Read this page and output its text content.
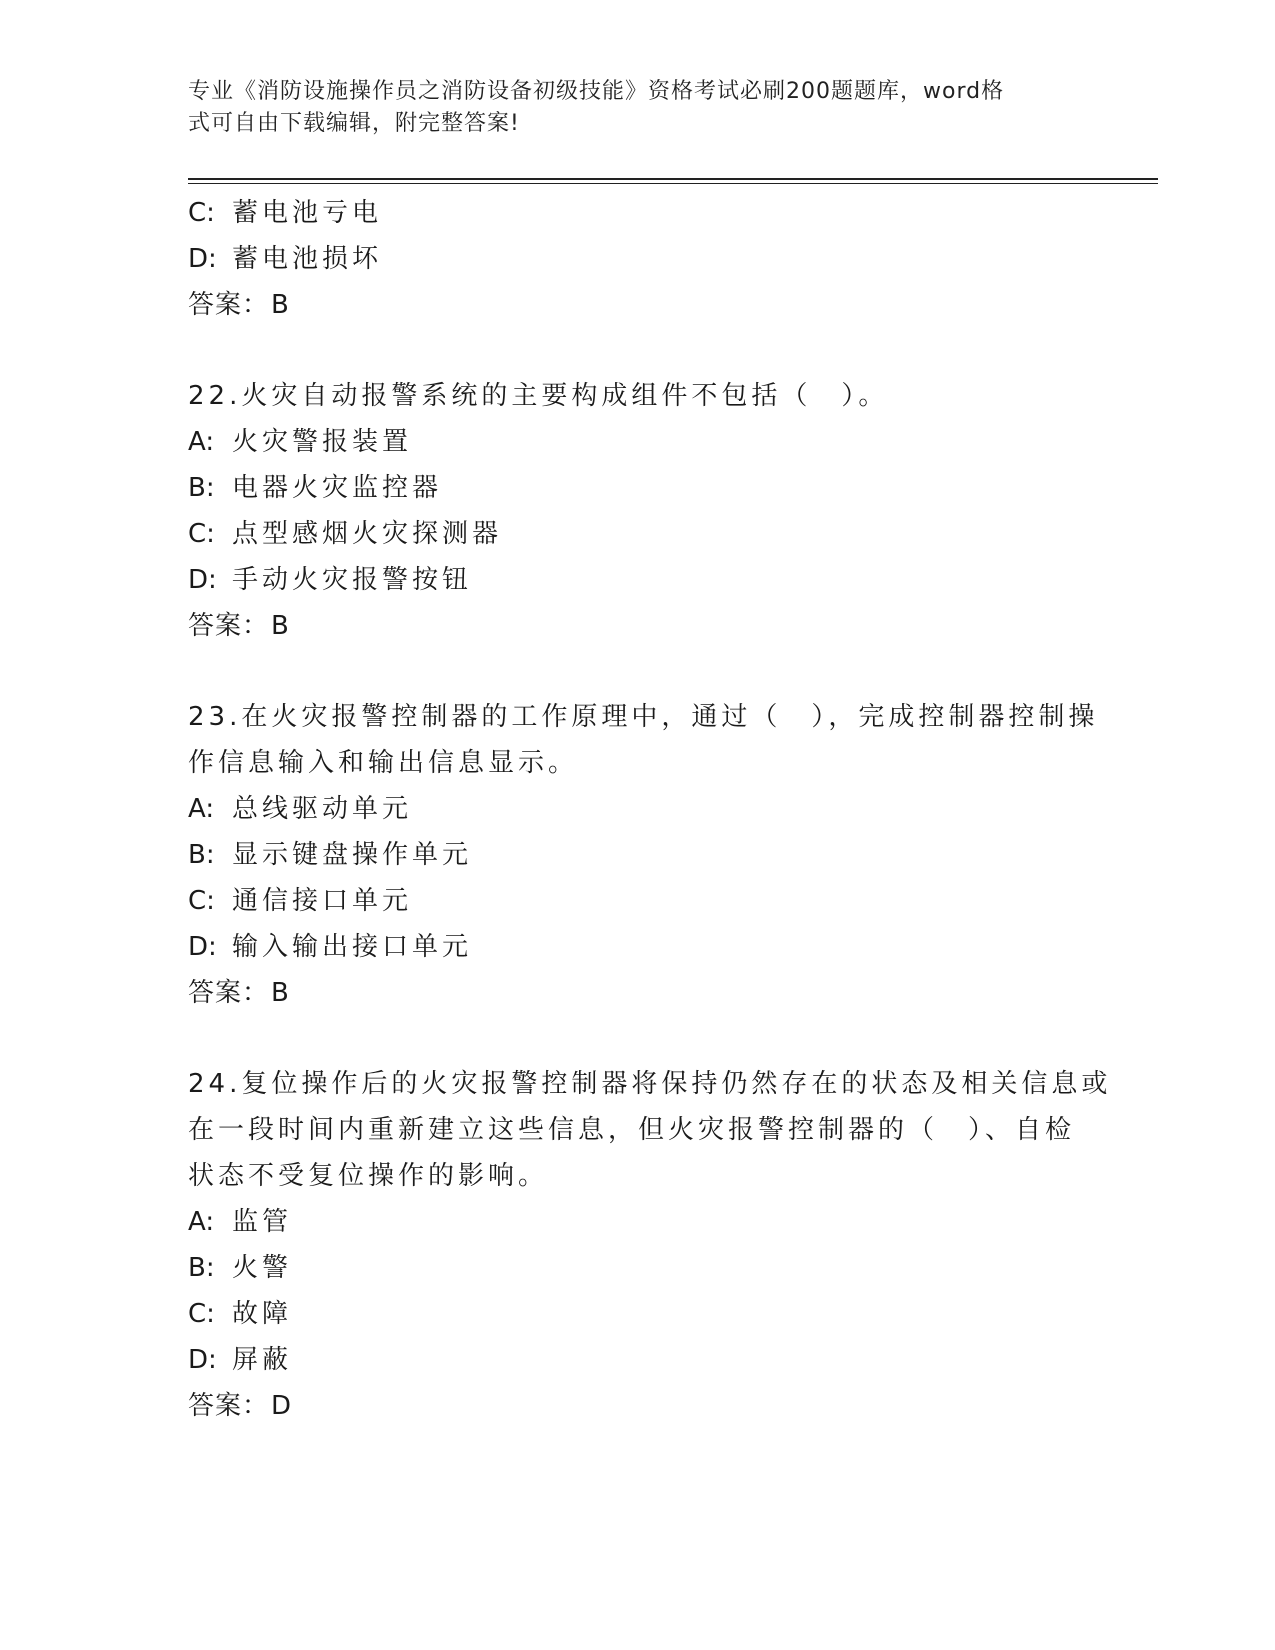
专业《消防设施操作员之消防设备初级技能》资格考试必刷200题题库，word格
式可自由下载编辑，附完整答案!
C: 蓄电池亏电
D: 蓄电池损坏
答案：B
22.火灾自动报警系统的主要构成组件不包括（　）。
A: 火灾警报装置
B: 电器火灾监控器
C: 点型感烟火灾探测器
D: 手动火灾报警按钮
答案：B
23.在火灾报警控制器的工作原理中，通过（　），完成控制器控制操
作信息输入和输出信息显示。
A: 总线驱动单元
B: 显示键盘操作单元
C: 通信接口单元
D: 输入输出接口单元
答案：B
24.复位操作后的火灾报警控制器将保持仍然存在的状态及相关信息或
在一段时间内重新建立这些信息，但火灾报警控制器的（　）、自检
状态不受复位操作的影响。
A: 监管
B: 火警
C: 故障
D: 屏蔽
答案：D
